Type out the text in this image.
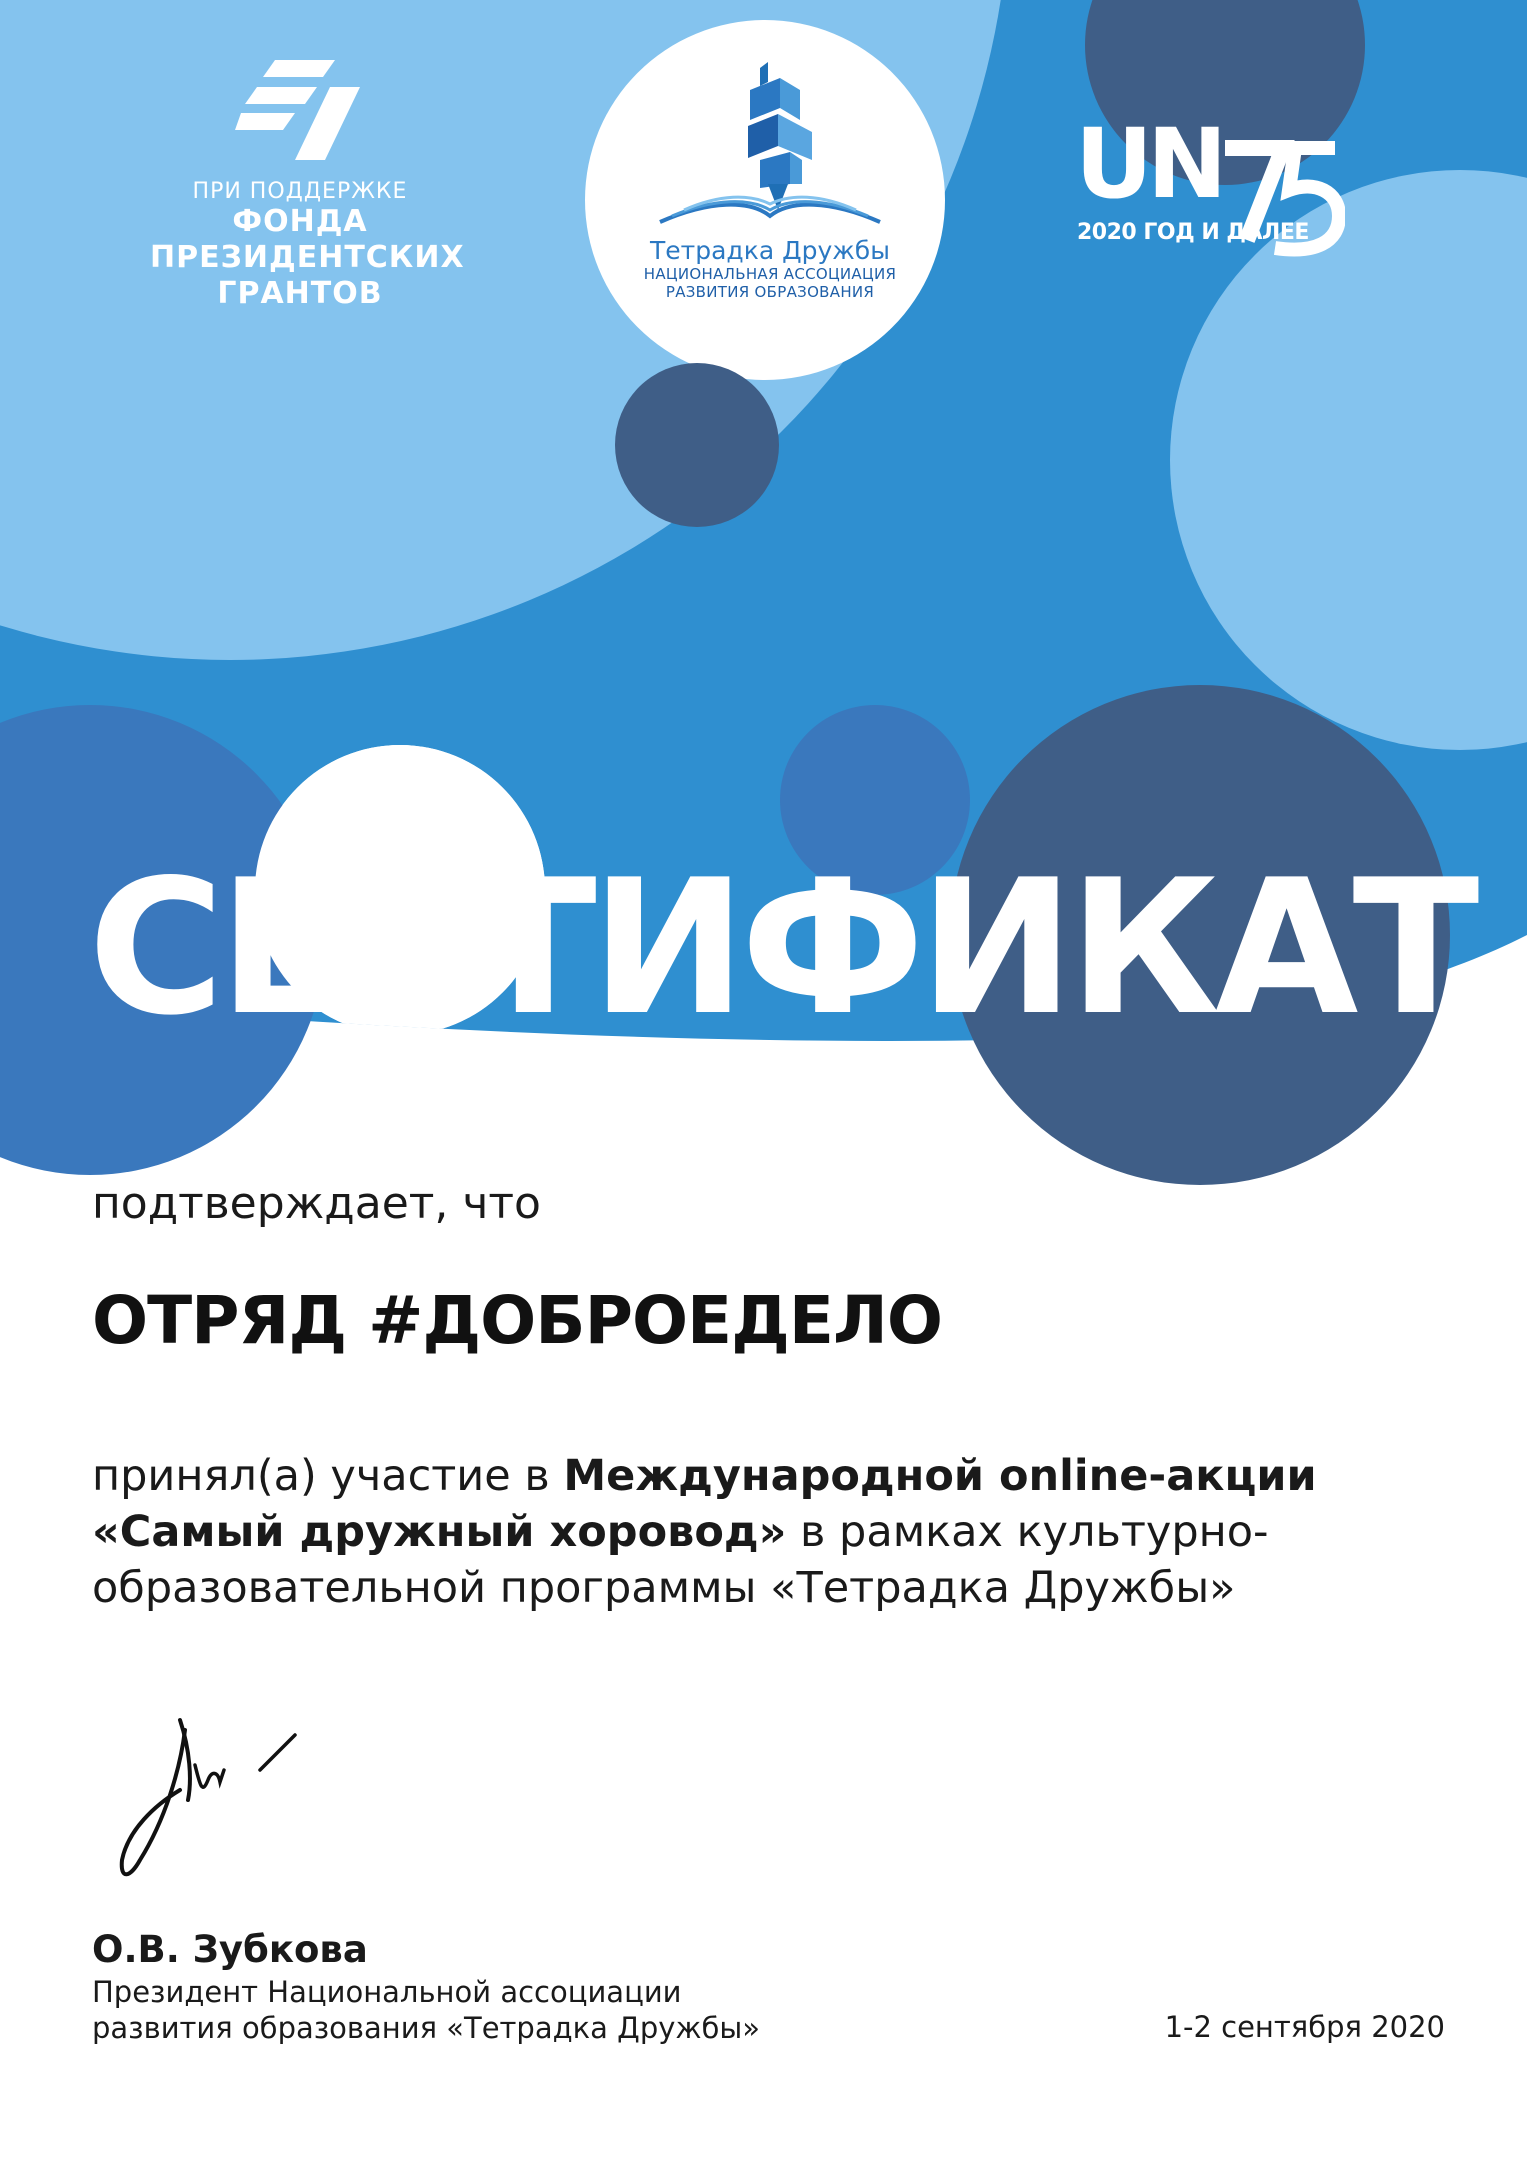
ПРИ ПОДДЕРЖКЕ
ФОНДА
ПРЕЗИДЕНТСКИХ
ГРАНТОВ
Тетрадка Дружбы
НАЦИОНАЛЬНАЯ АССОЦИАЦИЯ
РАЗВИТИЯ ОБРАЗОВАНИЯ
UN
2020 ГОД И ДАЛЕЕ
СЕРТИФИКАТ
подтверждает, что
ОТРЯД #ДОБРОЕДЕЛО
принял(а) участие в Международной online-акции «Самый дружный хоровод» в рамках культурно-образовательной программы «Тетрадка Дружбы»
О.В. Зубкова
Президент Национальной ассоциации
развития образования «Тетрадка Дружбы»	1-2 сентября 2020
